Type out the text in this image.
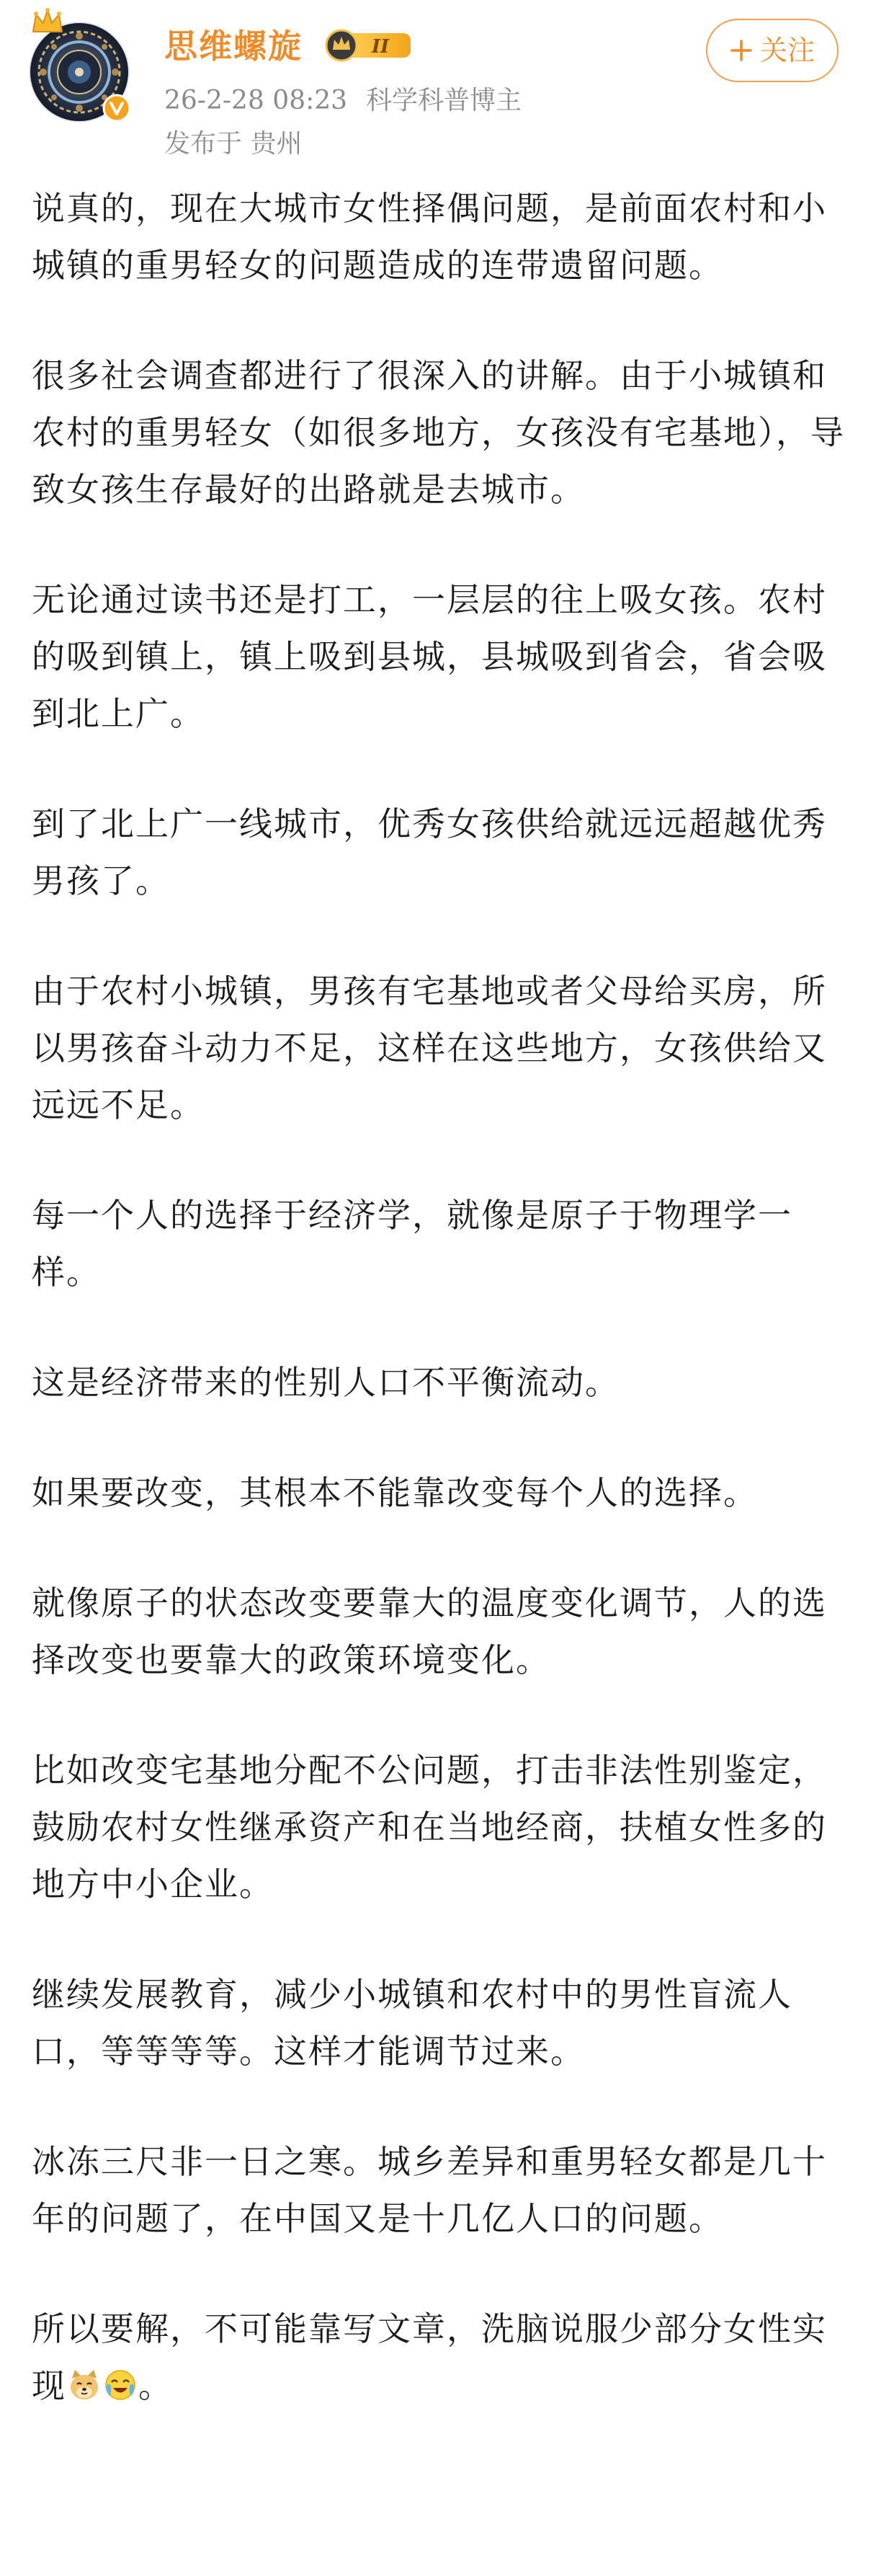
思维螺旋	II
26-2-28 08:23 科学科普博主
发布于 贵州
关注

说真的，现在大城市女性择偶问题，是前面农村和小城镇的重男轻女的问题造成的连带遗留问题。

很多社会调查都进行了很深入的讲解。由于小城镇和农村的重男轻女（如很多地方，女孩没有宅基地），导致女孩生存最好的出路就是去城市。

无论通过读书还是打工，一层层的往上吸女孩。农村的吸到镇上，镇上吸到县城，县城吸到省会，省会吸到北上广。

到了北上广一线城市，优秀女孩供给就远远超越优秀男孩了。

由于农村小城镇，男孩有宅基地或者父母给买房，所以男孩奋斗动力不足，这样在这些地方，女孩供给又远远不足。

每一个人的选择于经济学，就像是原子于物理学一样。

这是经济带来的性别人口不平衡流动。

如果要改变，其根本不能靠改变每个人的选择。

就像原子的状态改变要靠大的温度变化调节，人的选择改变也要靠大的政策环境变化。

比如改变宅基地分配不公问题，打击非法性别鉴定，鼓励农村女性继承资产和在当地经商，扶植女性多的地方中小企业。

继续发展教育，减少小城镇和农村中的男性盲流人口，等等等等。这样才能调节过来。

冰冻三尺非一日之寒。城乡差异和重男轻女都是几十年的问题了，在中国又是十几亿人口的问题。

所以要解，不可能靠写文章，洗脑说服少部分女性实现 。
